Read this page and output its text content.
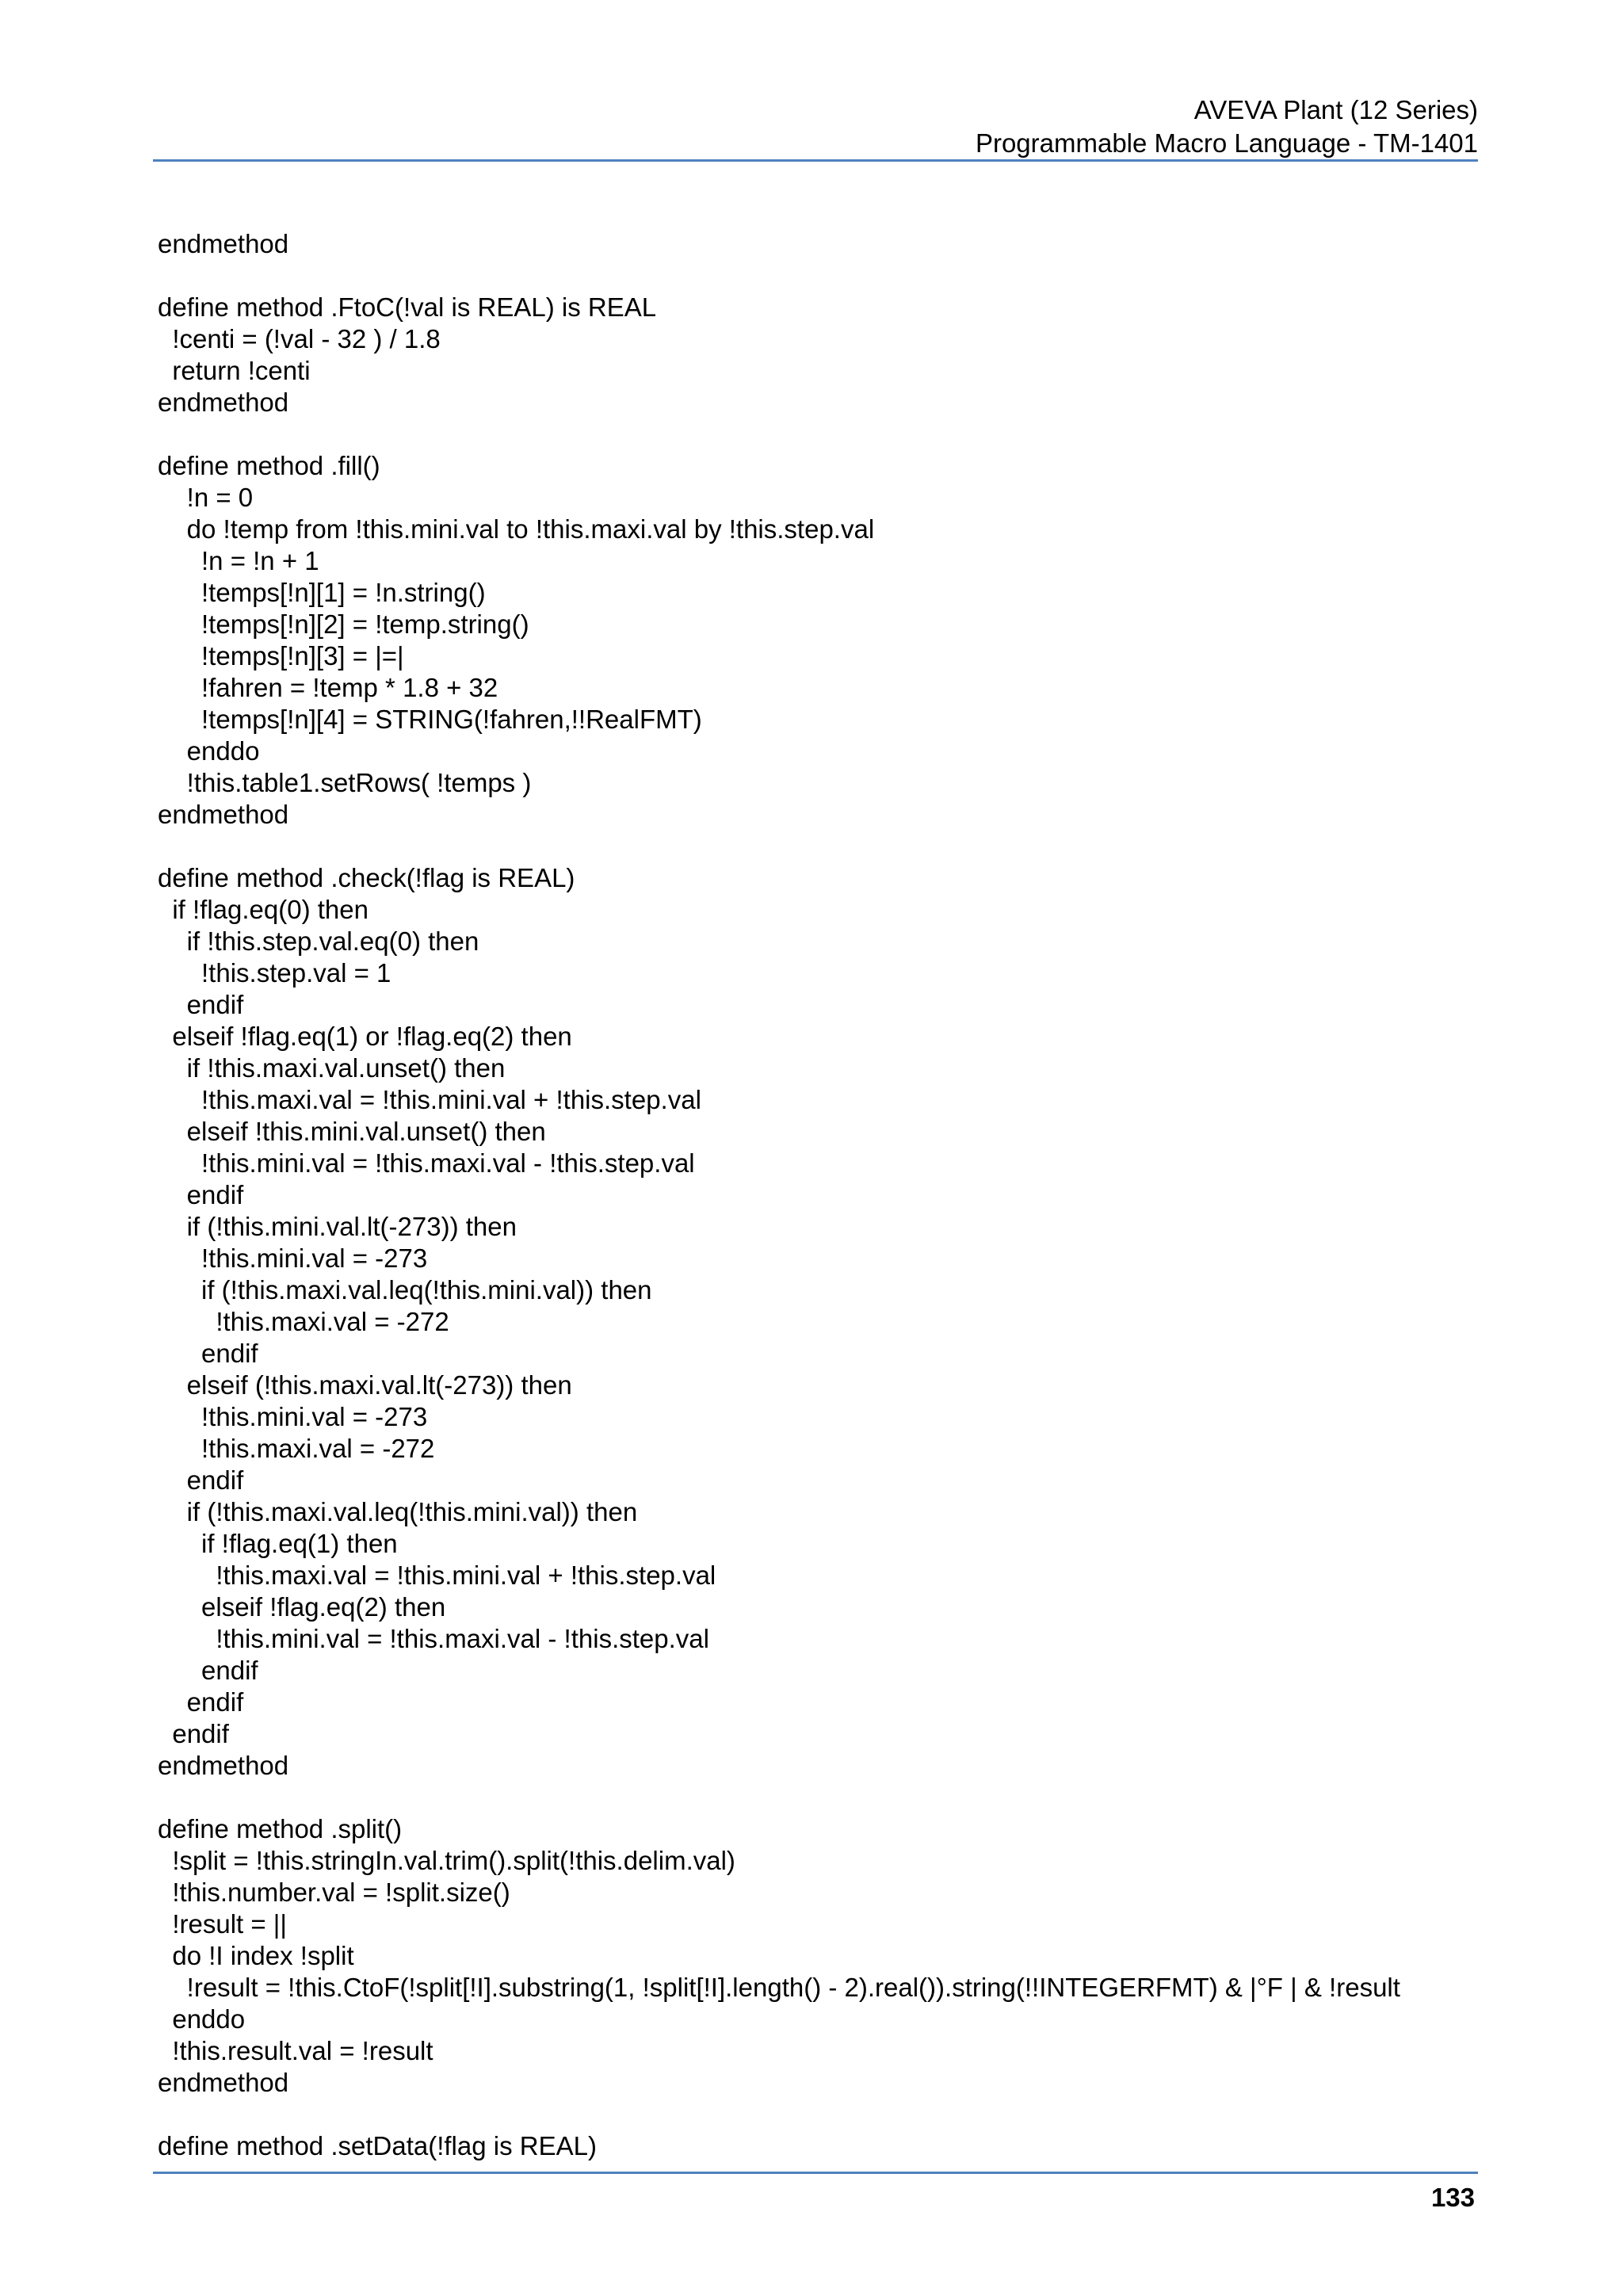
AVEVA Plant (12 Series)
Programmable Macro Language - TM-1401
endmethod
define method .FtoC(!val is REAL) is REAL
!centi = (!val - 32 ) / 1.8
return !centi
endmethod
define method .fill()
!n = 0
do !temp from !this.mini.val to !this.maxi.val by !this.step.val
!n = !n + 1
!temps[!n][1] = !n.string()
!temps[!n][2] = !temp.string()
!temps[!n][3] = |=|
!fahren = !temp * 1.8 + 32
!temps[!n][4] = STRING(!fahren,!!RealFMT)
enddo
!this.table1.setRows( !temps )
endmethod
define method .check(!flag is REAL)
if !flag.eq(0) then
if !this.step.val.eq(0) then
!this.step.val = 1
endif
elseif !flag.eq(1) or !flag.eq(2) then
if !this.maxi.val.unset() then
!this.maxi.val = !this.mini.val + !this.step.val
elseif !this.mini.val.unset() then
!this.mini.val = !this.maxi.val - !this.step.val
endif
if (!this.mini.val.lt(-273)) then
!this.mini.val = -273
if (!this.maxi.val.leq(!this.mini.val)) then
!this.maxi.val = -272
endif
elseif (!this.maxi.val.lt(-273)) then
!this.mini.val = -273
!this.maxi.val = -272
endif
if (!this.maxi.val.leq(!this.mini.val)) then
if !flag.eq(1) then
!this.maxi.val = !this.mini.val + !this.step.val
elseif !flag.eq(2) then
!this.mini.val = !this.maxi.val - !this.step.val
endif
endif
endif
endmethod
define method .split()
!split = !this.stringIn.val.trim().split(!this.delim.val)
!this.number.val = !split.size()
!result = ||
do !I index !split
!result = !this.CtoF(!split[!I].substring(1, !split[!I].length() - 2).real()).string(!!INTEGERFMT) & |°F | & !result
enddo
!this.result.val = !result
endmethod
define method .setData(!flag is REAL)
133
